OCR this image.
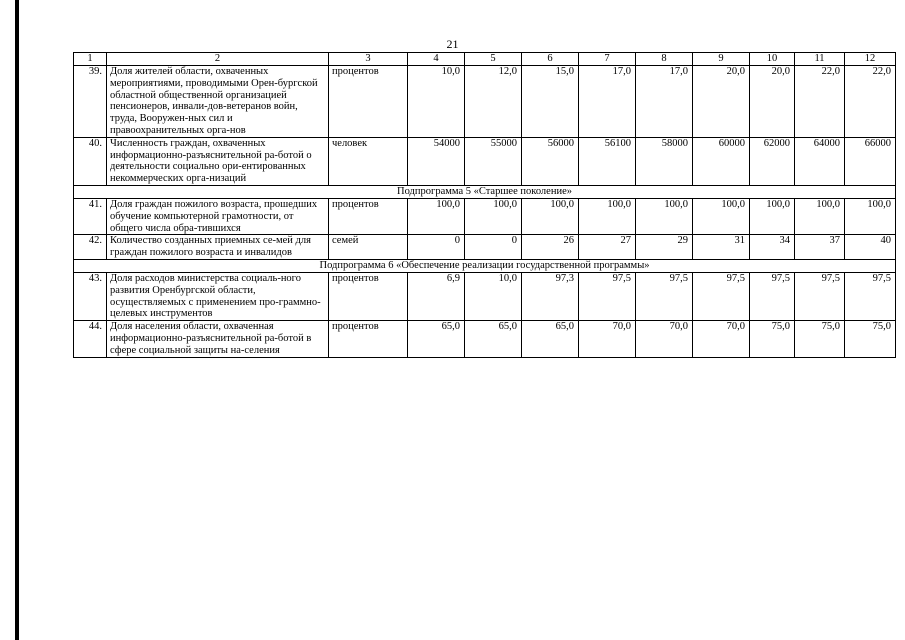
21
1	2	3	4	5	6	7	8	9	10	11	12
39.	Доля жителей области, охваченных мероприятиями, проводимыми Орен-бургской областной общественной организацией пенсионеров, инвали-дов-ветеранов войн, труда, Вооружен-ных сил и правоохранительных орга-нов	процентов	10,0	12,0	15,0	17,0	17,0	20,0	20,0	22,0	22,0
40.	Численность граждан, охваченных информационно-разъяснительной ра-ботой о деятельности социально ори-ентированных некоммерческих орга-низаций	человек	54000	55000	56000	56100	58000	60000	62000	64000	66000
Подпрограмма 5 «Старшее поколение»											
41.	Доля граждан пожилого возраста, прошедших обучение компьютерной грамотности, от общего числа обра-тившихся	процентов	100,0	100,0	100,0	100,0	100,0	100,0	100,0	100,0	100,0
42.	Количество созданных приемных се-мей для граждан пожилого возраста и инвалидов	семей	0	0	26	27	29	31	34	37	40
Подпрограмма 6 «Обеспечение реализации государственной программы»											
43.	Доля расходов министерства социаль-ного развития Оренбургской области, осуществляемых с применением про-граммно-целевых инструментов	процентов	6,9	10,0	97,3	97,5	97,5	97,5	97,5	97,5	97,5
44.	Доля населения области, охваченная информационно-разъяснительной ра-ботой в сфере социальной защиты на-селения	процентов	65,0	65,0	65,0	70,0	70,0	70,0	75,0	75,0	75,0
